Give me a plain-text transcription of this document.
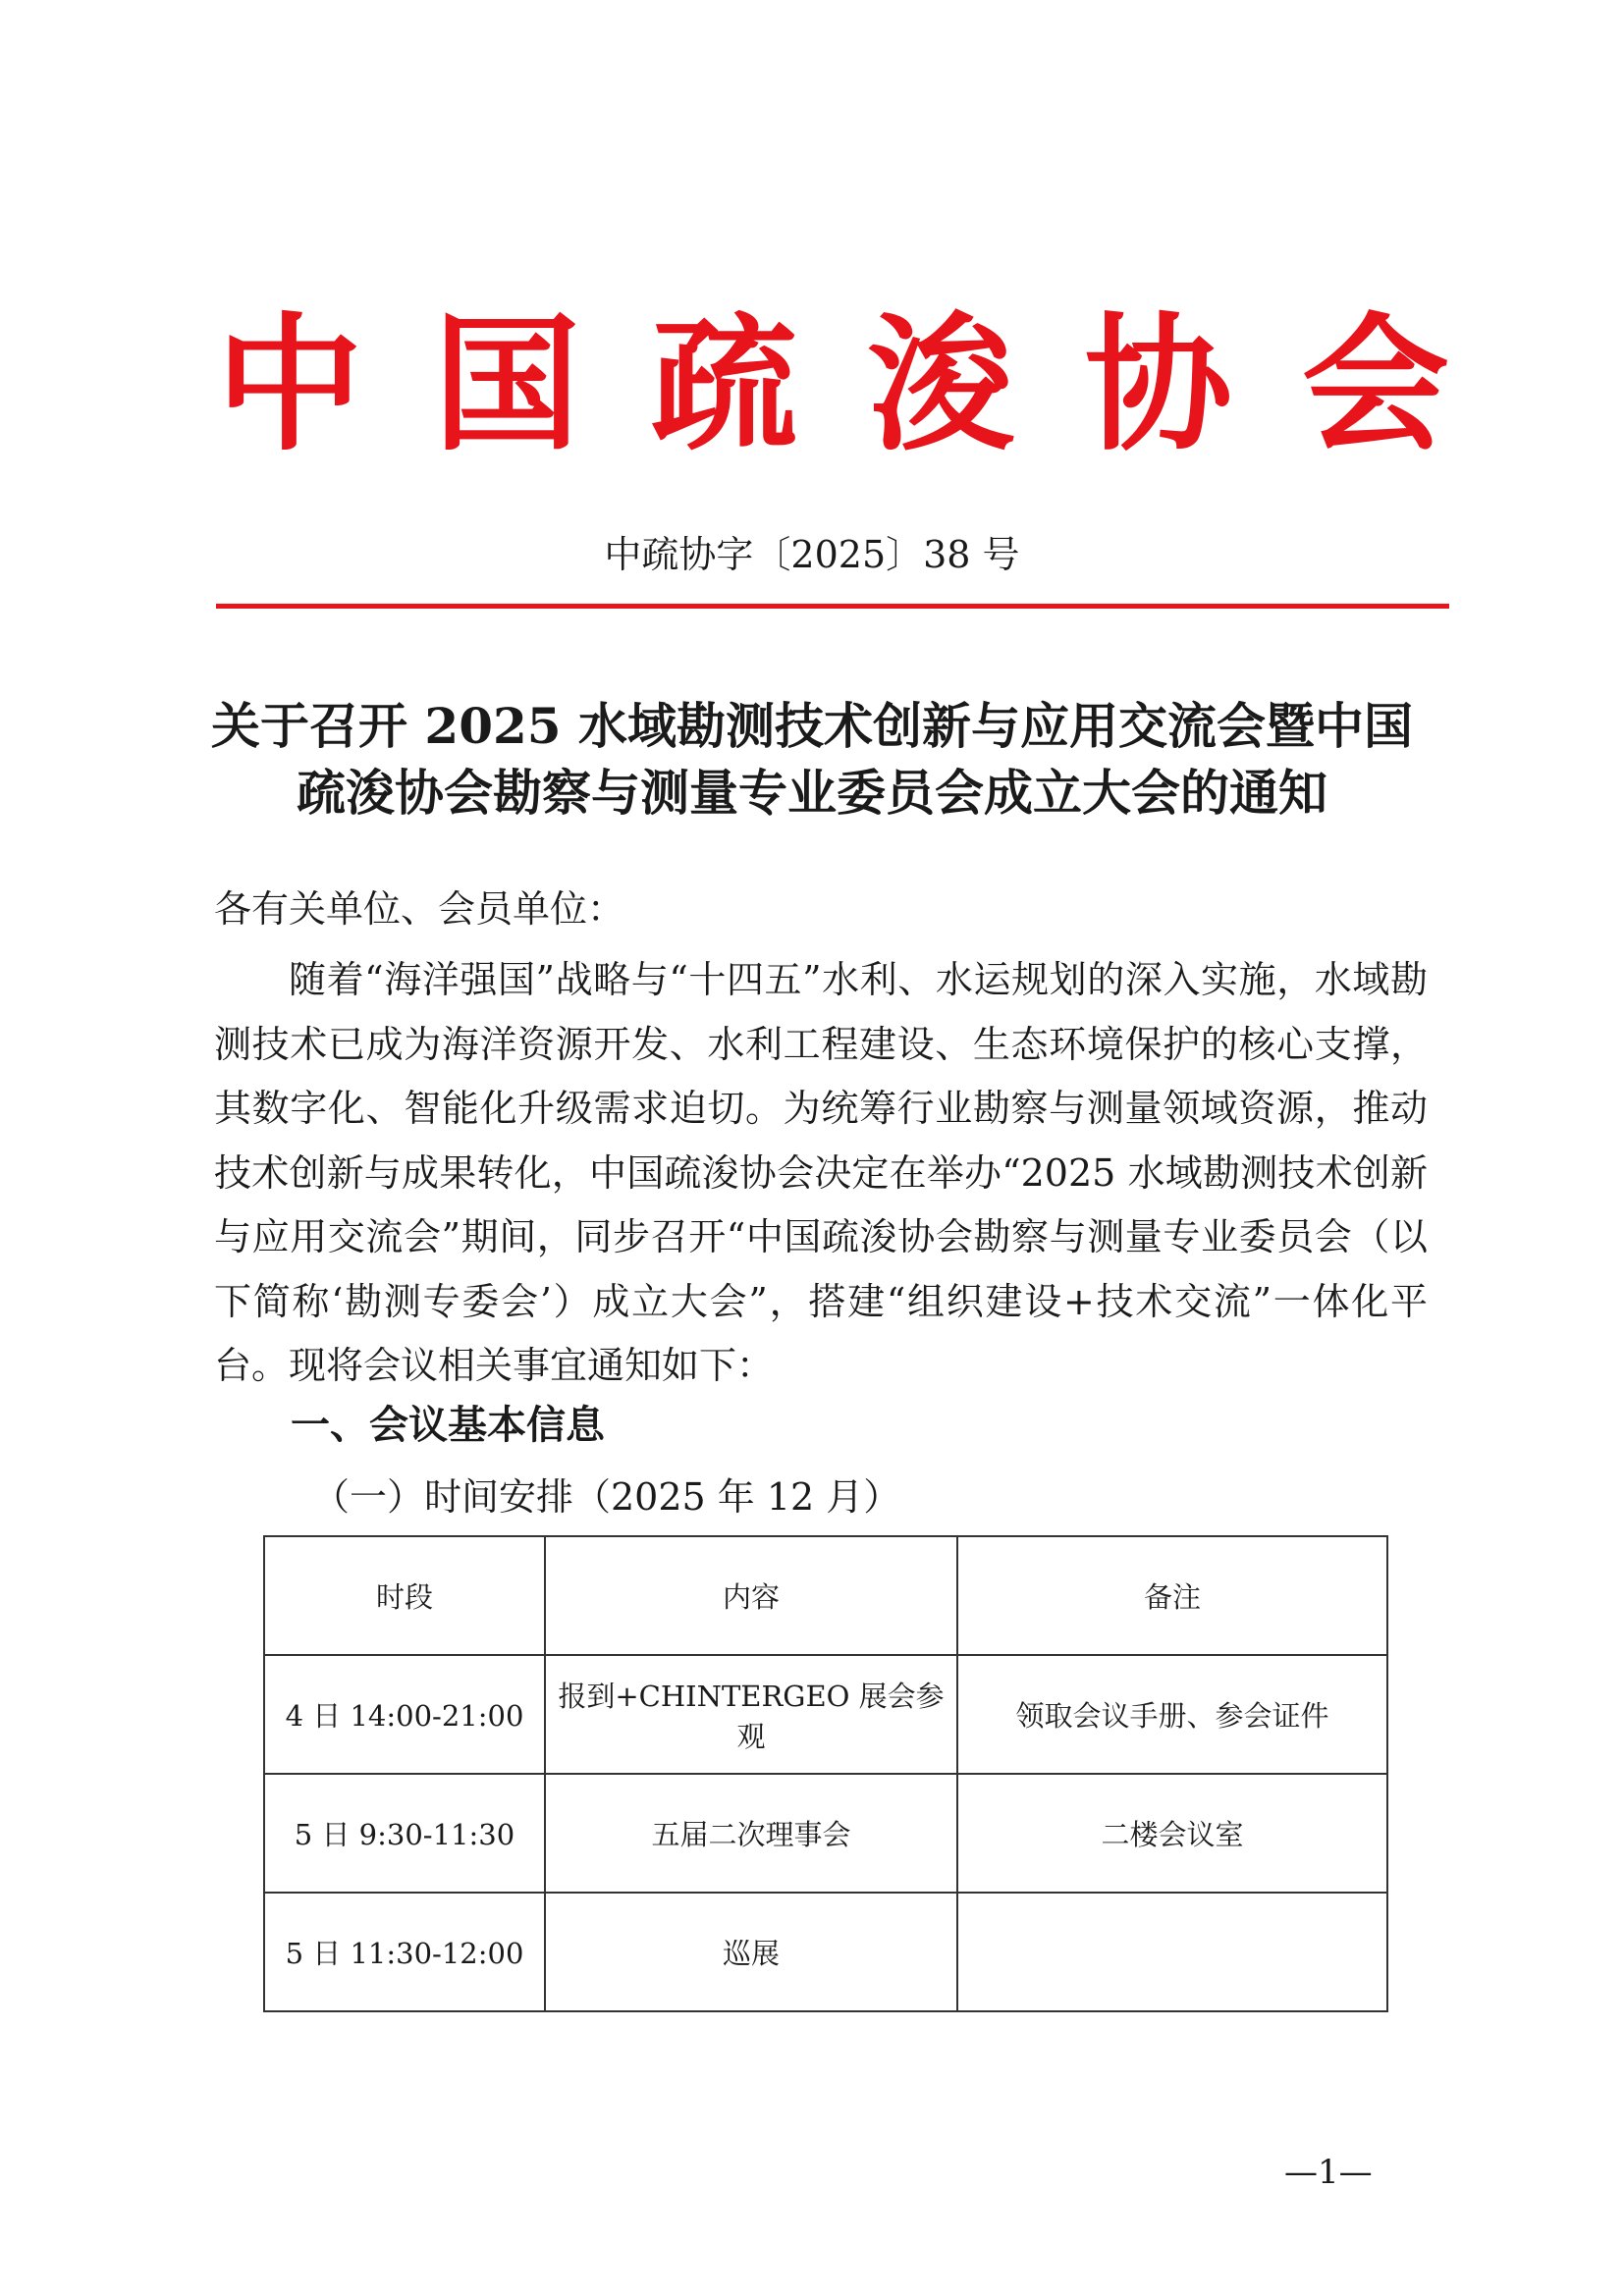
中 国 疏 浚 协 会
中疏协字〔2025〕38 号
关于召开 2025 水域勘测技术创新与应用交流会暨中国
疏浚协会勘察与测量专业委员会成立大会的通知
各有关单位、会员单位：
随着“海洋强国”战略与“十四五”水利、水运规划的深入实施，水域勘测技术已成为海洋资源开发、水利工程建设、生态环境保护的核心支撑，其数字化、智能化升级需求迫切。为统筹行业勘察与测量领域资源，推动技术创新与成果转化，中国疏浚协会决定在举办“2025 水域勘测技术创新与应用交流会”期间，同步召开“中国疏浚协会勘察与测量专业委员会（以下简称‘勘测专委会’）成立大会”，搭建“组织建设+技术交流”一体化平台。现将会议相关事宜通知如下：
一、会议基本信息
（一）时间安排（2025 年 12 月）
时段	内容	备注
4 日 14:00-21:00	报到+CHINTERGEO 展会参观	领取会议手册、参会证件
5 日 9:30-11:30	五届二次理事会	二楼会议室
5 日 11:30-12:00	巡展	
—1—
